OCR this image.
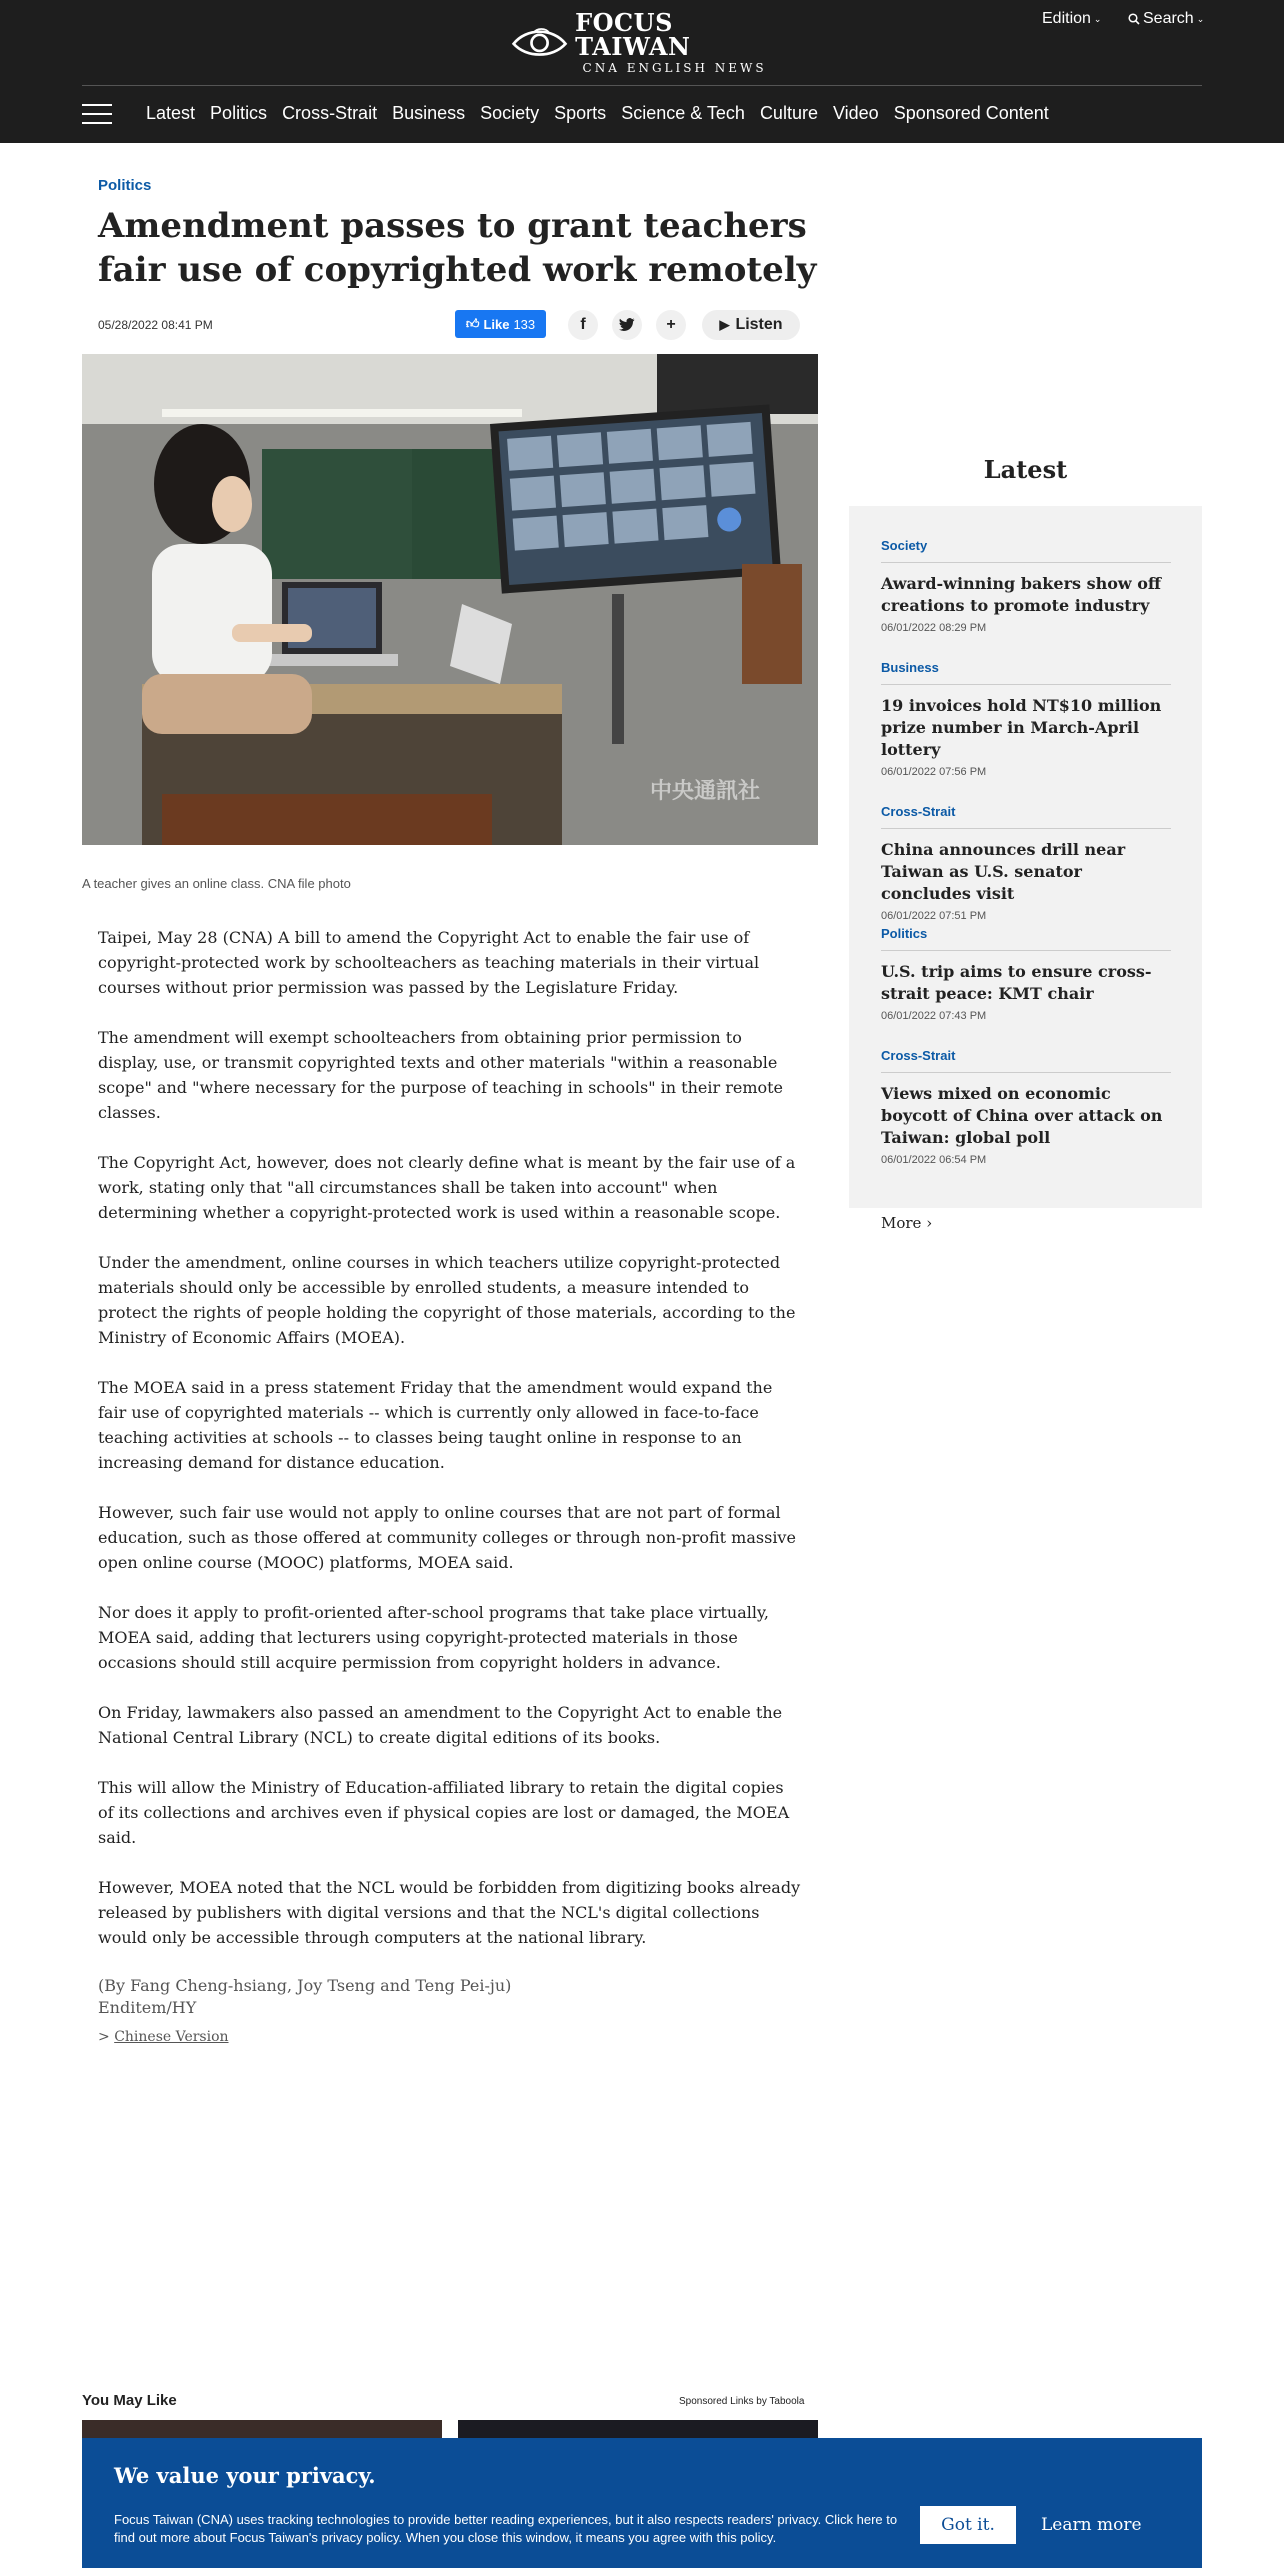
FOCUS TAIWAN
CNA ENGLISH NEWS
Edition ⌄	Search ⌄
Latest Politics Cross-Strait Business Society Sports Science & Tech Culture Video Sponsored Content
Politics
Amendment passes to grant teachers fair use of copyrighted work remotely
05/28/2022 08:41 PM	👍︎ Like 133	f	+	▶ Listen
中央通訊社
A teacher gives an online class. CNA file photo

Taipei, May 28 (CNA) A bill to amend the Copyright Act to enable the fair use of copyright-protected work by schoolteachers as teaching materials in their virtual courses without prior permission was passed by the Legislature Friday.

The amendment will exempt schoolteachers from obtaining prior permission to display, use, or transmit copyrighted texts and other materials "within a reasonable scope" and "where necessary for the purpose of teaching in schools" in their remote classes.

The Copyright Act, however, does not clearly define what is meant by the fair use of a work, stating only that "all circumstances shall be taken into account" when determining whether a copyright-protected work is used within a reasonable scope.

Under the amendment, online courses in which teachers utilize copyright-protected materials should only be accessible by enrolled students, a measure intended to protect the rights of people holding the copyright of those materials, according to the Ministry of Economic Affairs (MOEA).

The MOEA said in a press statement Friday that the amendment would expand the fair use of copyrighted materials -- which is currently only allowed in face-to-face teaching activities at schools -- to classes being taught online in response to an increasing demand for distance education.

However, such fair use would not apply to online courses that are not part of formal education, such as those offered at community colleges or through non-profit massive open online course (MOOC) platforms, MOEA said.

Nor does it apply to profit-oriented after-school programs that take place virtually, MOEA said, adding that lecturers using copyright-protected materials in those occasions should still acquire permission from copyright holders in advance.

On Friday, lawmakers also passed an amendment to the Copyright Act to enable the National Central Library (NCL) to create digital editions of its books.

This will allow the Ministry of Education-affiliated library to retain the digital copies of its collections and archives even if physical copies are lost or damaged, the MOEA said.

However, MOEA noted that the NCL would be forbidden from digitizing books already released by publishers with digital versions and that the NCL's digital collections would only be accessible through computers at the national library.

(By Fang Cheng-hsiang, Joy Tseng and Teng Pei-ju)
Enditem/HY
> Chinese Version
Latest
Society
Award-winning bakers show off creations to promote industry
06/01/2022 08:29 PM
Business
19 invoices hold NT$10 million prize number in March-April lottery
06/01/2022 07:56 PM
Cross-Strait
China announces drill near Taiwan as U.S. senator concludes visit
06/01/2022 07:51 PM
Politics
U.S. trip aims to ensure cross-strait peace: KMT chair
06/01/2022 07:43 PM
Cross-Strait
Views mixed on economic boycott of China over attack on Taiwan: global poll
06/01/2022 06:54 PM
More ›
You May Like	Sponsored Links by Taboola
We value your privacy.
Focus Taiwan (CNA) uses tracking technologies to provide better reading experiences, but it also respects readers' privacy. Click here to find out more about Focus Taiwan's privacy policy. When you close this window, it means you agree with this policy.
Got it.	Learn more
